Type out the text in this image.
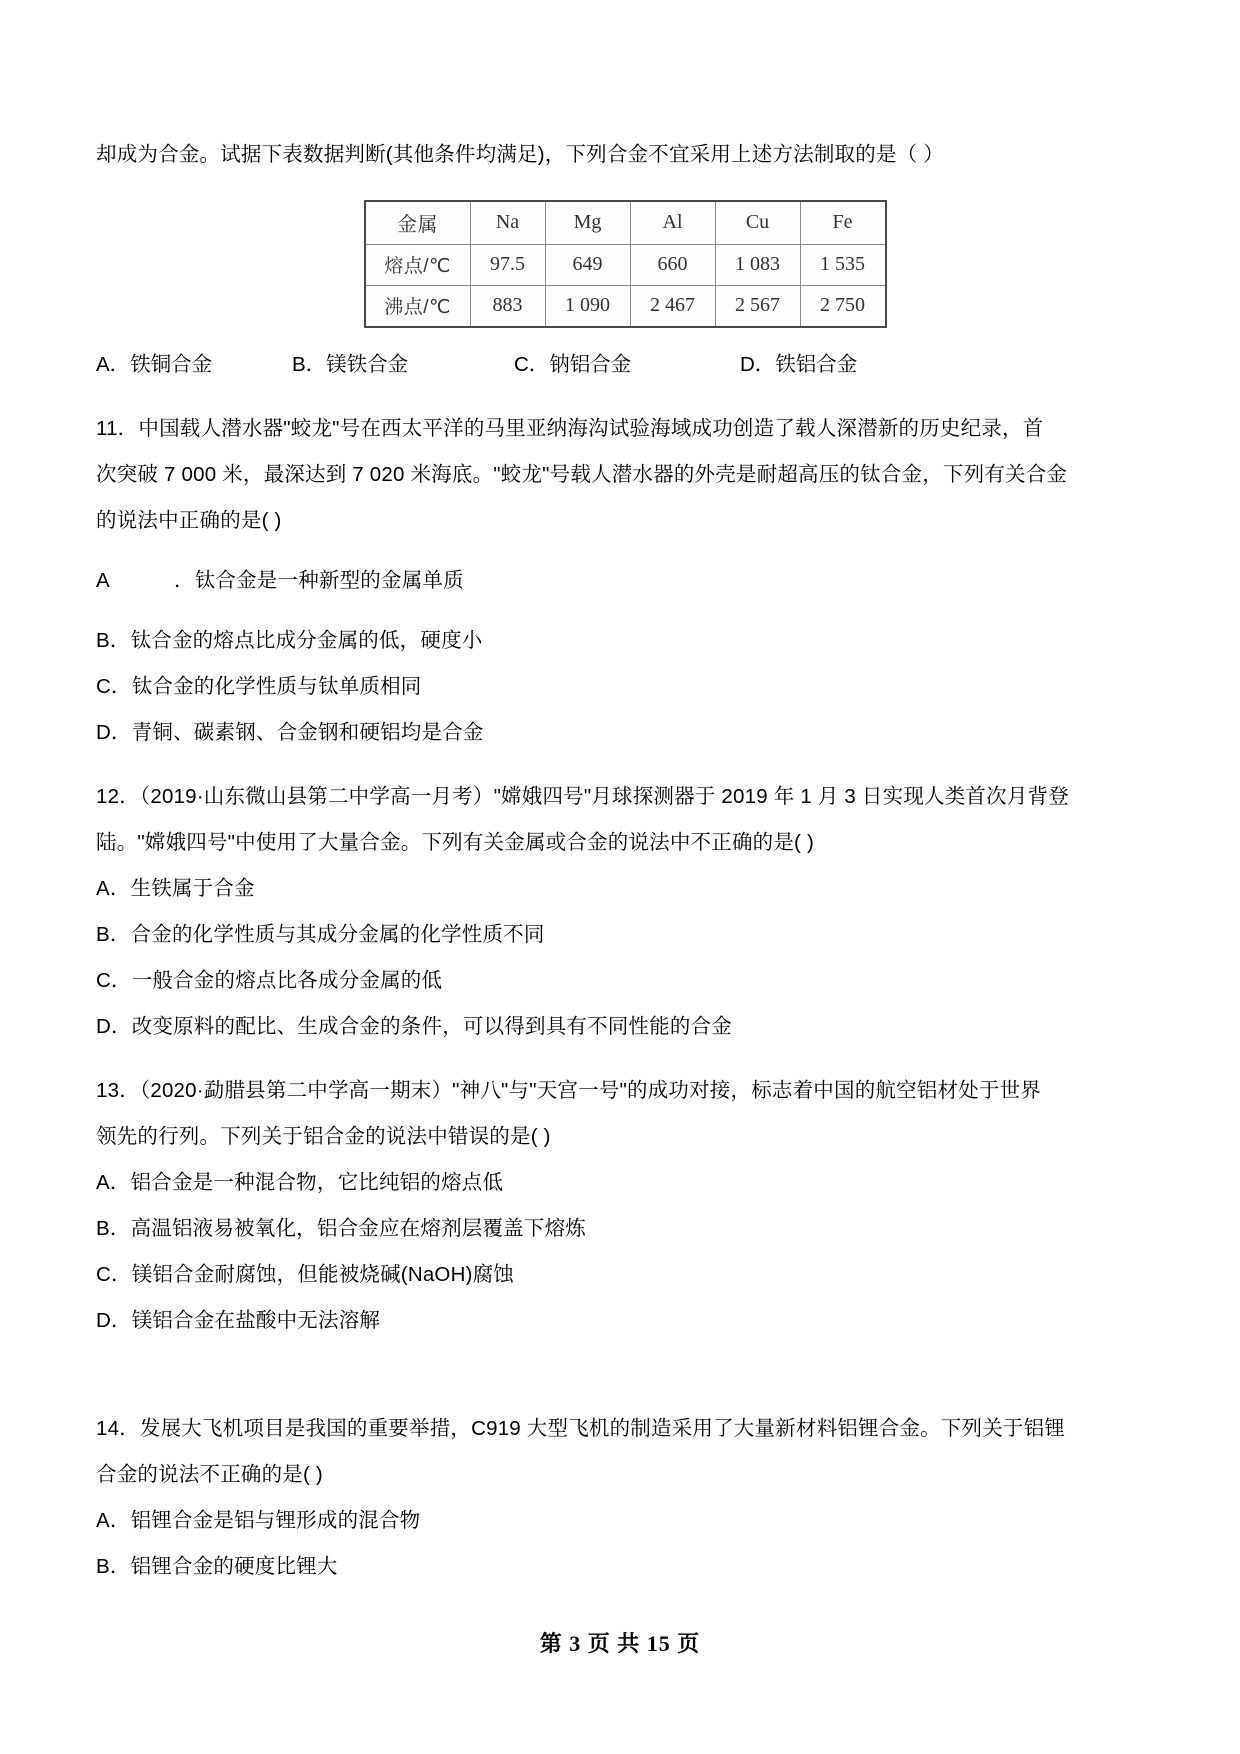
却成为合金。试据下表数据判断(其他条件均满足)，下列合金不宜采用上述方法制取的是（ ）
金属	Na	Mg	Al	Cu	Fe
熔点/℃	97.5	649	660	1 083	1 535
沸点/℃	883	1 090	2 467	2 567	2 750
A．铁铜合金	B．镁铁合金	C．钠铝合金	D．铁铝合金
11．中国载人潜水器"蛟龙"号在西太平洋的马里亚纳海沟试验海域成功创造了载人深潜新的历史纪录，首
次突破 7 000 米，最深达到 7 020 米海底。"蛟龙"号载人潜水器的外壳是耐超高压的钛合金，下列有关合金
的说法中正确的是( )
A	．钛合金是一种新型的金属单质
B．钛合金的熔点比成分金属的低，硬度小
C．钛合金的化学性质与钛单质相同
D．青铜、碳素钢、合金钢和硬铝均是合金
12．（2019·山东微山县第二中学高一月考）"嫦娥四号"月球探测器于 2019 年 1 月 3 日实现人类首次月背登
陆。"嫦娥四号"中使用了大量合金。下列有关金属或合金的说法中不正确的是( )
A．生铁属于合金
B．合金的化学性质与其成分金属的化学性质不同
C．一般合金的熔点比各成分金属的低
D．改变原料的配比、生成合金的条件，可以得到具有不同性能的合金
13．（2020·勐腊县第二中学高一期末）"神八"与"天宫一号"的成功对接，标志着中国的航空铝材处于世界
领先的行列。下列关于铝合金的说法中错误的是( )
A．铝合金是一种混合物，它比纯铝的熔点低
B．高温铝液易被氧化，铝合金应在熔剂层覆盖下熔炼
C．镁铝合金耐腐蚀，但能被烧碱(NaOH)腐蚀
D．镁铝合金在盐酸中无法溶解
14．发展大飞机项目是我国的重要举措，C919 大型飞机的制造采用了大量新材料铝锂合金。下列关于铝锂
合金的说法不正确的是( )
A．铝锂合金是铝与锂形成的混合物
B．铝锂合金的硬度比锂大
第 3 页 共 15 页
